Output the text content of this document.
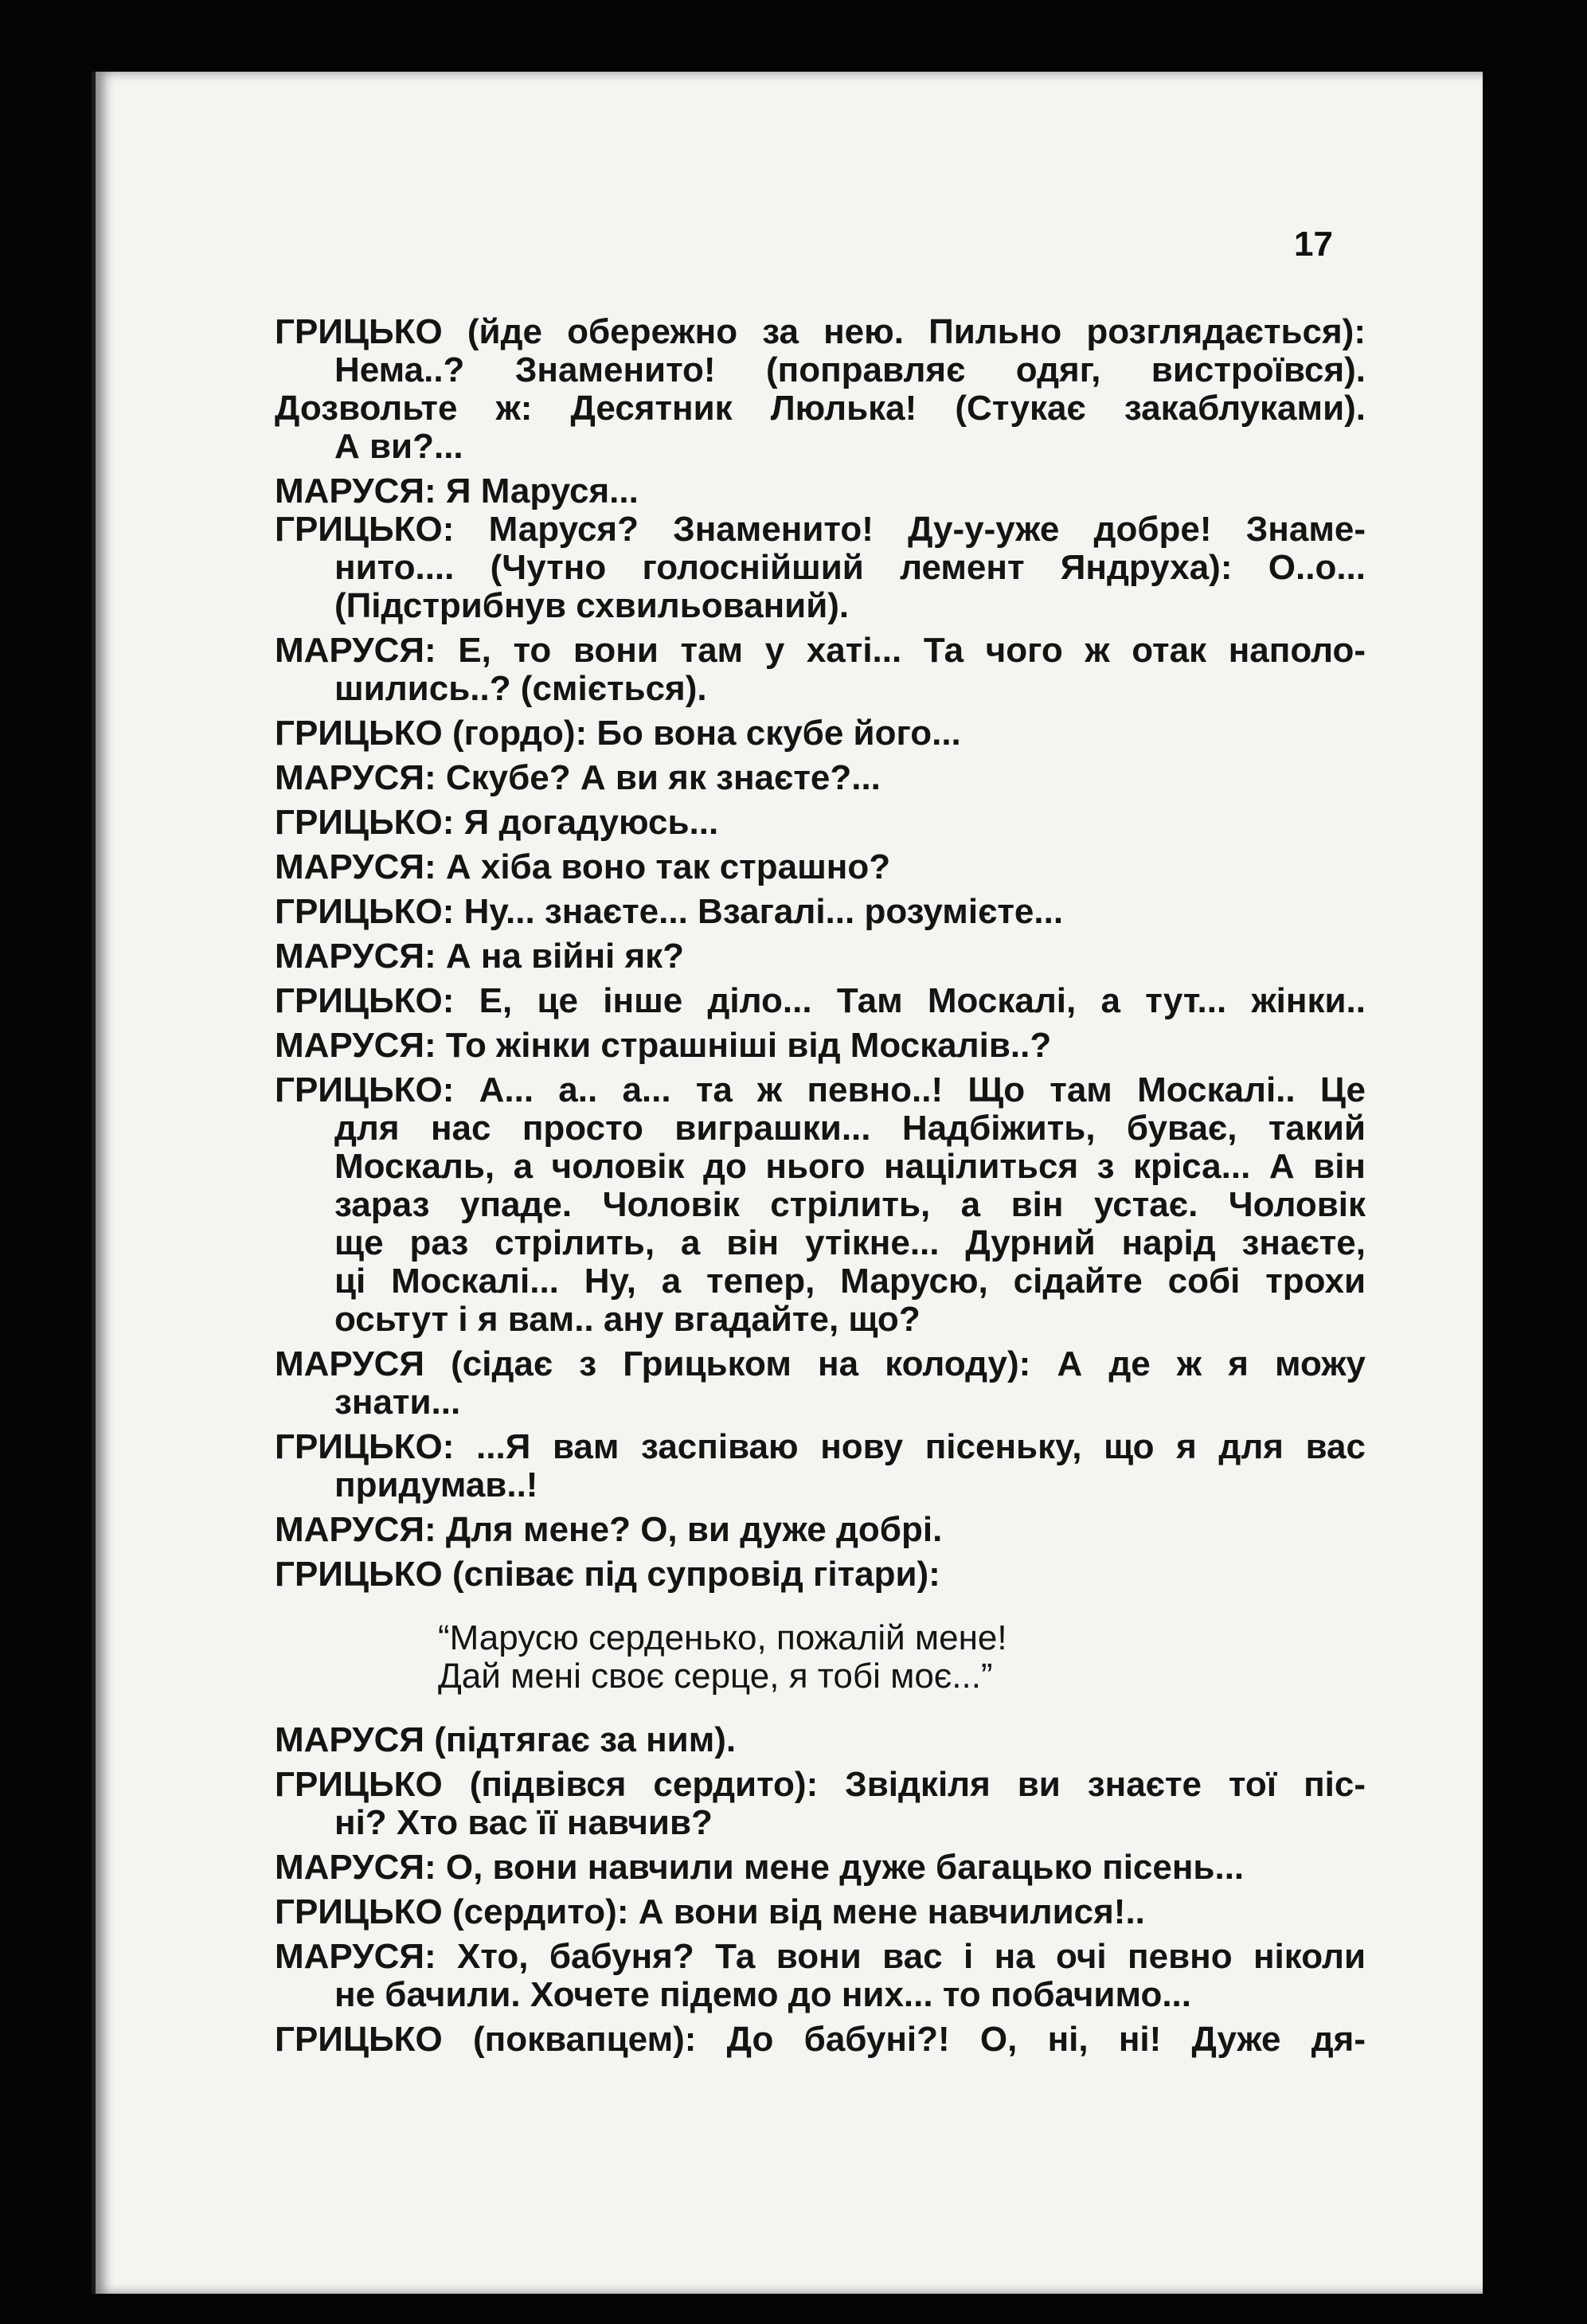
17
ГРИЦЬКО (йде обережно за нею. Пильно розглядається):
Нема..? Знаменито! (поправляє одяг, вистроївся).
Дозвольте ж: Десятник Люлька! (Стукає закаблуками).
А ви?...
МАРУСЯ: Я Маруся...
ГРИЦЬКО: Маруся? Знаменито! Ду-у-уже добре! Знаме-
нито.... (Чутно голоснійший лемент Яндруха): О..о...
(Підстрибнув схвильований).
МАРУСЯ: Е, то вони там у хаті... Та чого ж отак наполо-
шились..? (сміється).
ГРИЦЬКО (гордо): Бо вона скубе його...
МАРУСЯ: Скубе? А ви як знаєте?...
ГРИЦЬКО: Я догадуюсь...
МАРУСЯ: А хіба воно так страшно?
ГРИЦЬКО: Ну... знаєте... Взагалі... розумієте...
МАРУСЯ: А на війні як?
ГРИЦЬКО: Е, це інше діло... Там Москалі, а тут... жінки..
МАРУСЯ: То жінки страшніші від Москалів..?
ГРИЦЬКО: А... а.. а... та ж певно..! Що там Москалі.. Це
для нас просто виграшки... Надбіжить, буває, такий
Москаль, а чоловік до нього націлиться з кріса... А він
зараз упаде. Чоловік стрілить, а він устає. Чоловік
ще раз стрілить, а він утікне... Дурний нарід знаєте,
ці Москалі... Ну, а тепер, Марусю, сідайте собі трохи
осьтут і я вам.. ану вгадайте, що?
МАРУСЯ (сідає з Грицьком на колоду): А де ж я можу
знати...
ГРИЦЬКО: ...Я вам заспіваю нову пісеньку, що я для вас
придумав..!
МАРУСЯ: Для мене? О, ви дуже добрі.
ГРИЦЬКО (співає під супровід гітари):
“Марусю серденько, пожалій мене!
Дай мені своє серце, я тобі моє...”
МАРУСЯ (підтягає за ним).
ГРИЦЬКО (підвівся сердито): Звідкіля ви знаєте тої піс-
ні? Хто вас її навчив?
МАРУСЯ: О, вони навчили мене дуже багацько пісень...
ГРИЦЬКО (сердито): А вони від мене навчилися!..
МАРУСЯ: Хто, бабуня? Та вони вас і на очі певно ніколи
не бачили. Хочете підемо до них... то побачимо...
ГРИЦЬКО (поквапцем): До бабуні?! О, ні, ні! Дуже дя-
